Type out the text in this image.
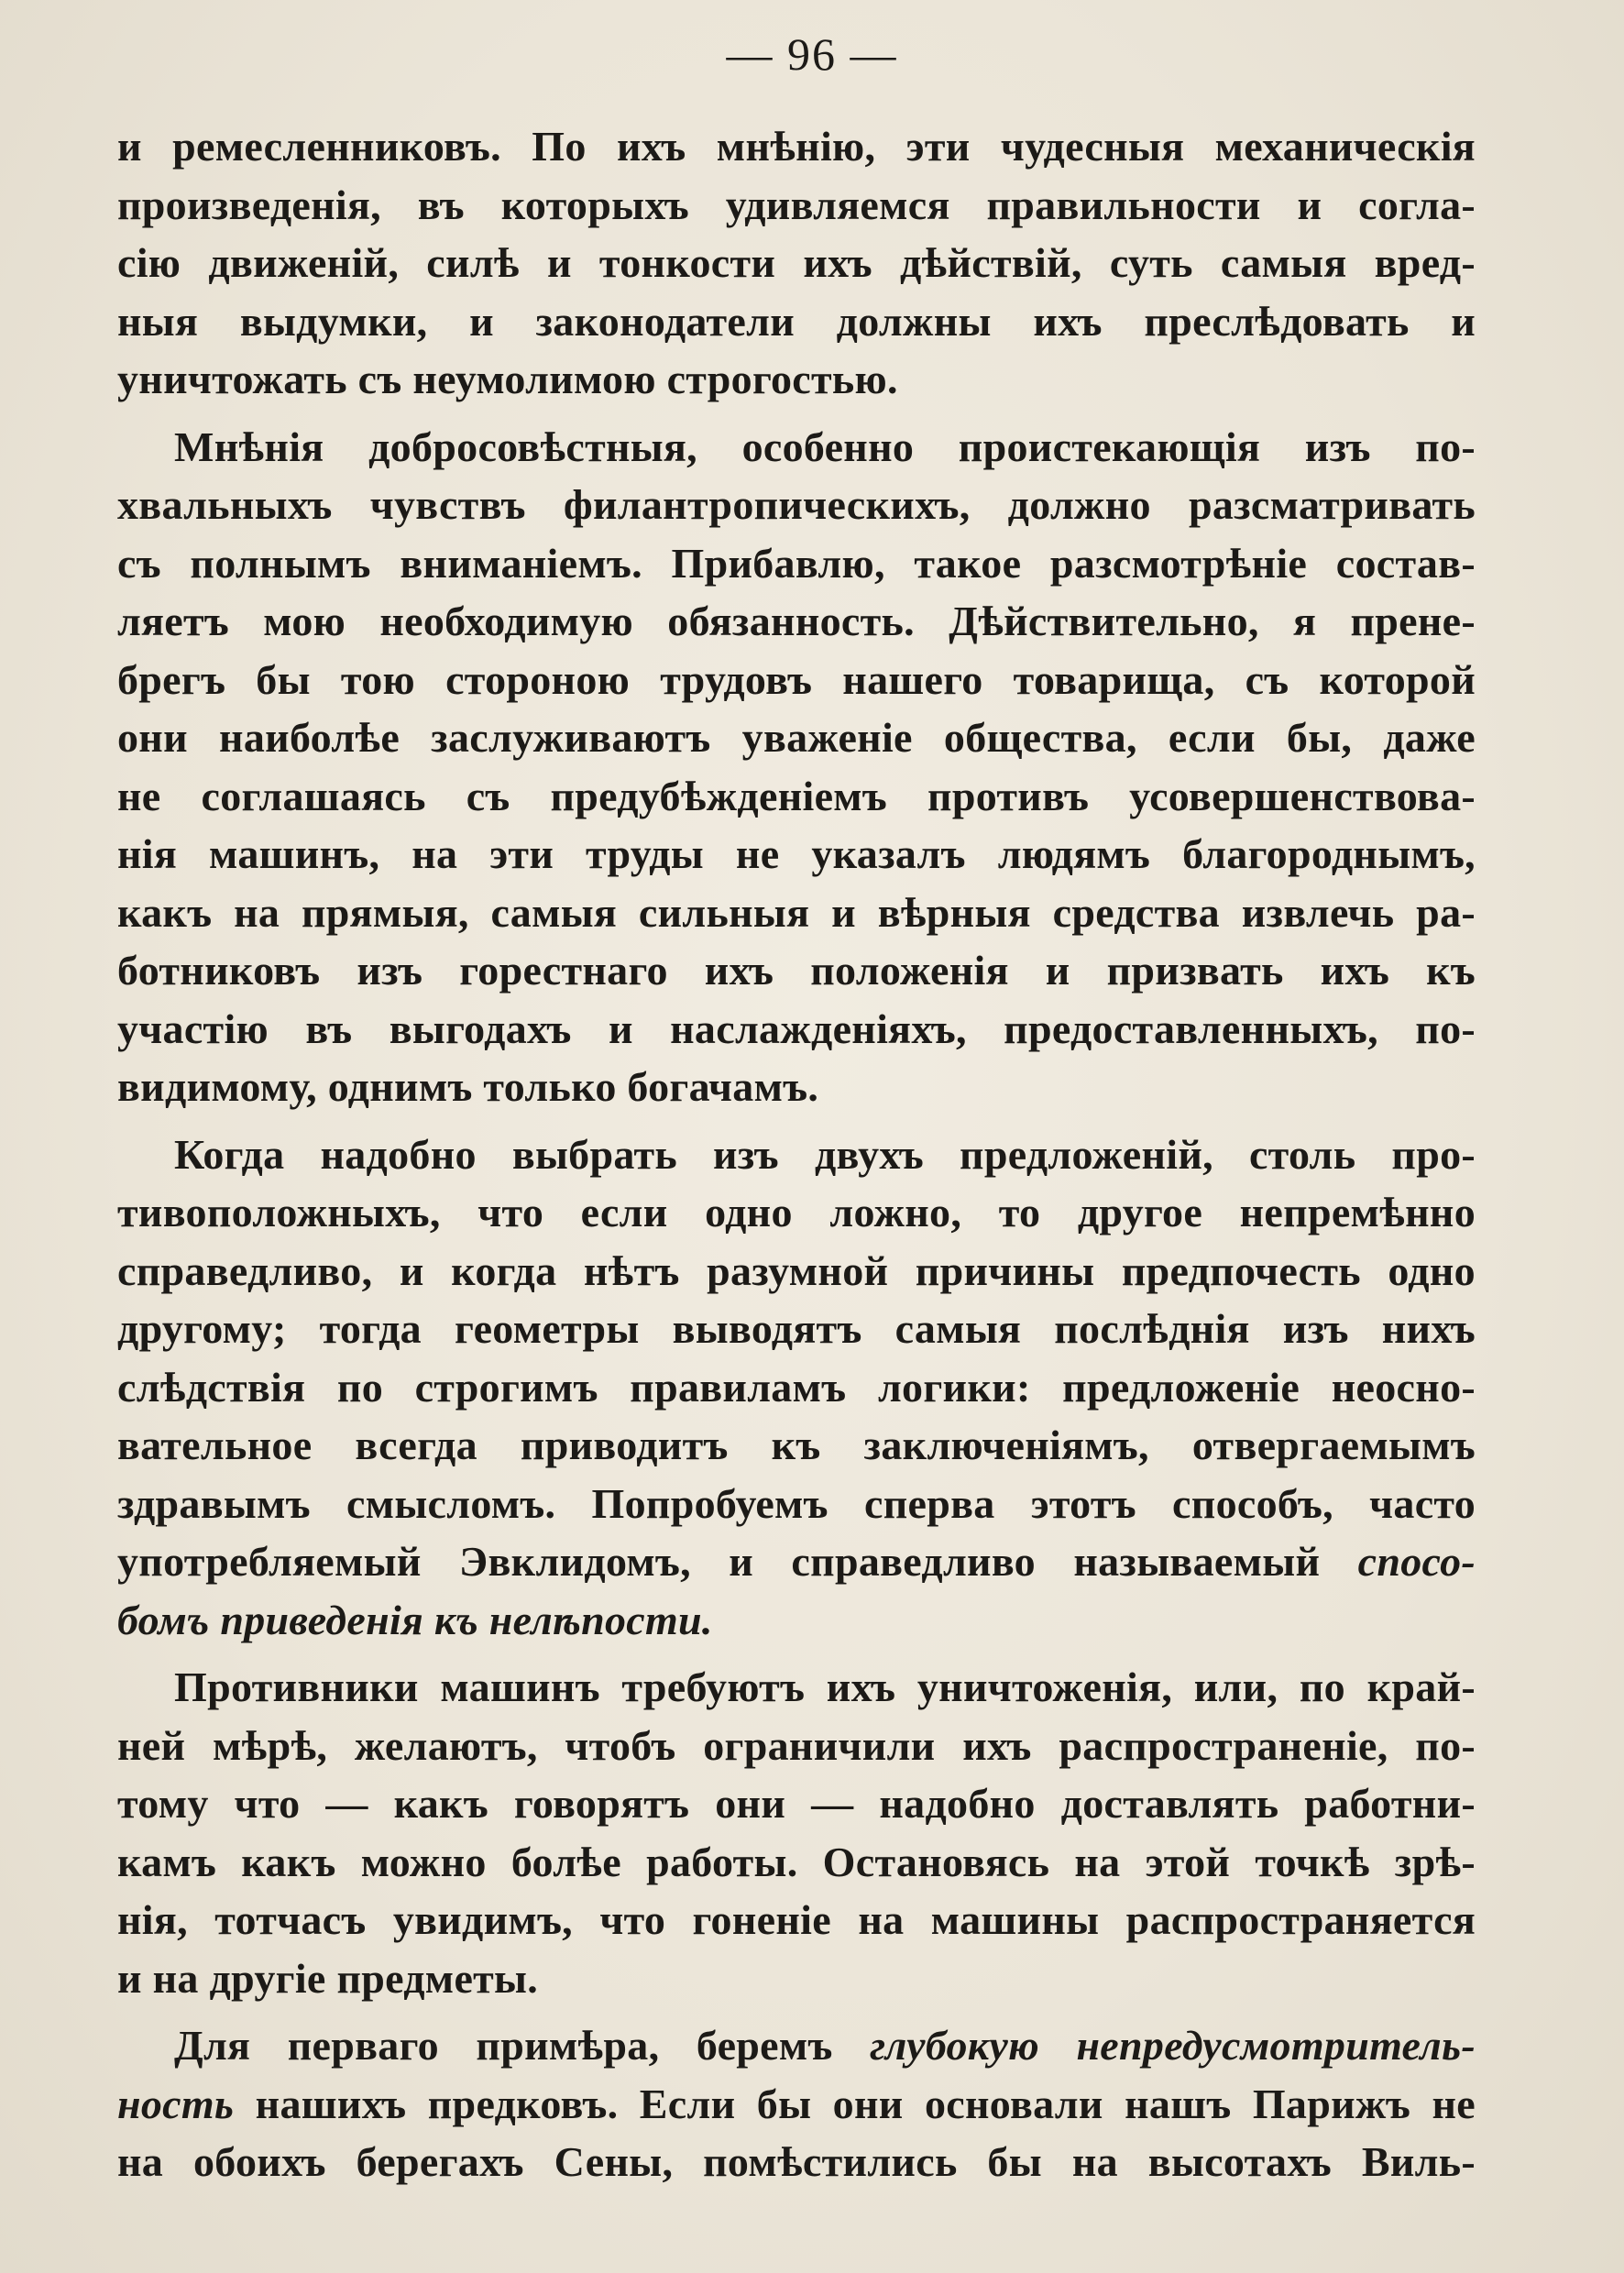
— 96 —
и ремесленниковъ. По ихъ мнѣнію, эти чудесныя механическія
произведенія, въ которыхъ удивляемся правильности и согла-
сію движеній, силѣ и тонкости ихъ дѣйствій, суть самыя вред-
ныя выдумки, и законодатели должны ихъ преслѣдовать и
уничтожать съ неумолимою строгостью.
Мнѣнія добросовѣстныя, особенно проистекающія изъ по-
хвальныхъ чувствъ филантропическихъ, должно разсматривать
съ полнымъ вниманіемъ. Прибавлю, такое разсмотрѣніе состав-
ляетъ мою необходимую обязанность. Дѣйствительно, я прене-
брегъ бы тою стороною трудовъ нашего товарища, съ которой
они наиболѣе заслуживаютъ уваженіе общества, если бы, даже
не соглашаясь съ предубѣжденіемъ противъ усовершенствова-
нія машинъ, на эти труды не указалъ людямъ благороднымъ,
какъ на прямыя, самыя сильныя и вѣрныя средства извлечь ра-
ботниковъ изъ горестнаго ихъ положенія и призвать ихъ къ
участію въ выгодахъ и наслажденіяхъ, предоставленныхъ, по-
видимому, однимъ только богачамъ.
Когда надобно выбрать изъ двухъ предложеній, столь про-
тивоположныхъ, что если одно ложно, то другое непремѣнно
справедливо, и когда нѣтъ разумной причины предпочесть одно
другому; тогда геометры выводятъ самыя послѣднія изъ нихъ
слѣдствія по строгимъ правиламъ логики: предложеніе неосно-
вательное всегда приводитъ къ заключеніямъ, отвергаемымъ
здравымъ смысломъ. Попробуемъ сперва этотъ способъ, часто
употребляемый Эвклидомъ, и справедливо называемый спосо-
бомъ приведенія къ нелѣпости.
Противники машинъ требуютъ ихъ уничтоженія, или, по край-
ней мѣрѣ, желаютъ, чтобъ ограничили ихъ распространеніе, по-
тому что — какъ говорятъ они — надобно доставлять работни-
камъ какъ можно болѣе работы. Остановясь на этой точкѣ зрѣ-
нія, тотчасъ увидимъ, что гоненіе на машины распространяется
и на другіе предметы.
Для перваго примѣра, беремъ глубокую непредусмотритель-
ность нашихъ предковъ. Если бы они основали нашъ Парижъ не
на обоихъ берегахъ Сены, помѣстились бы на высотахъ Виль-
